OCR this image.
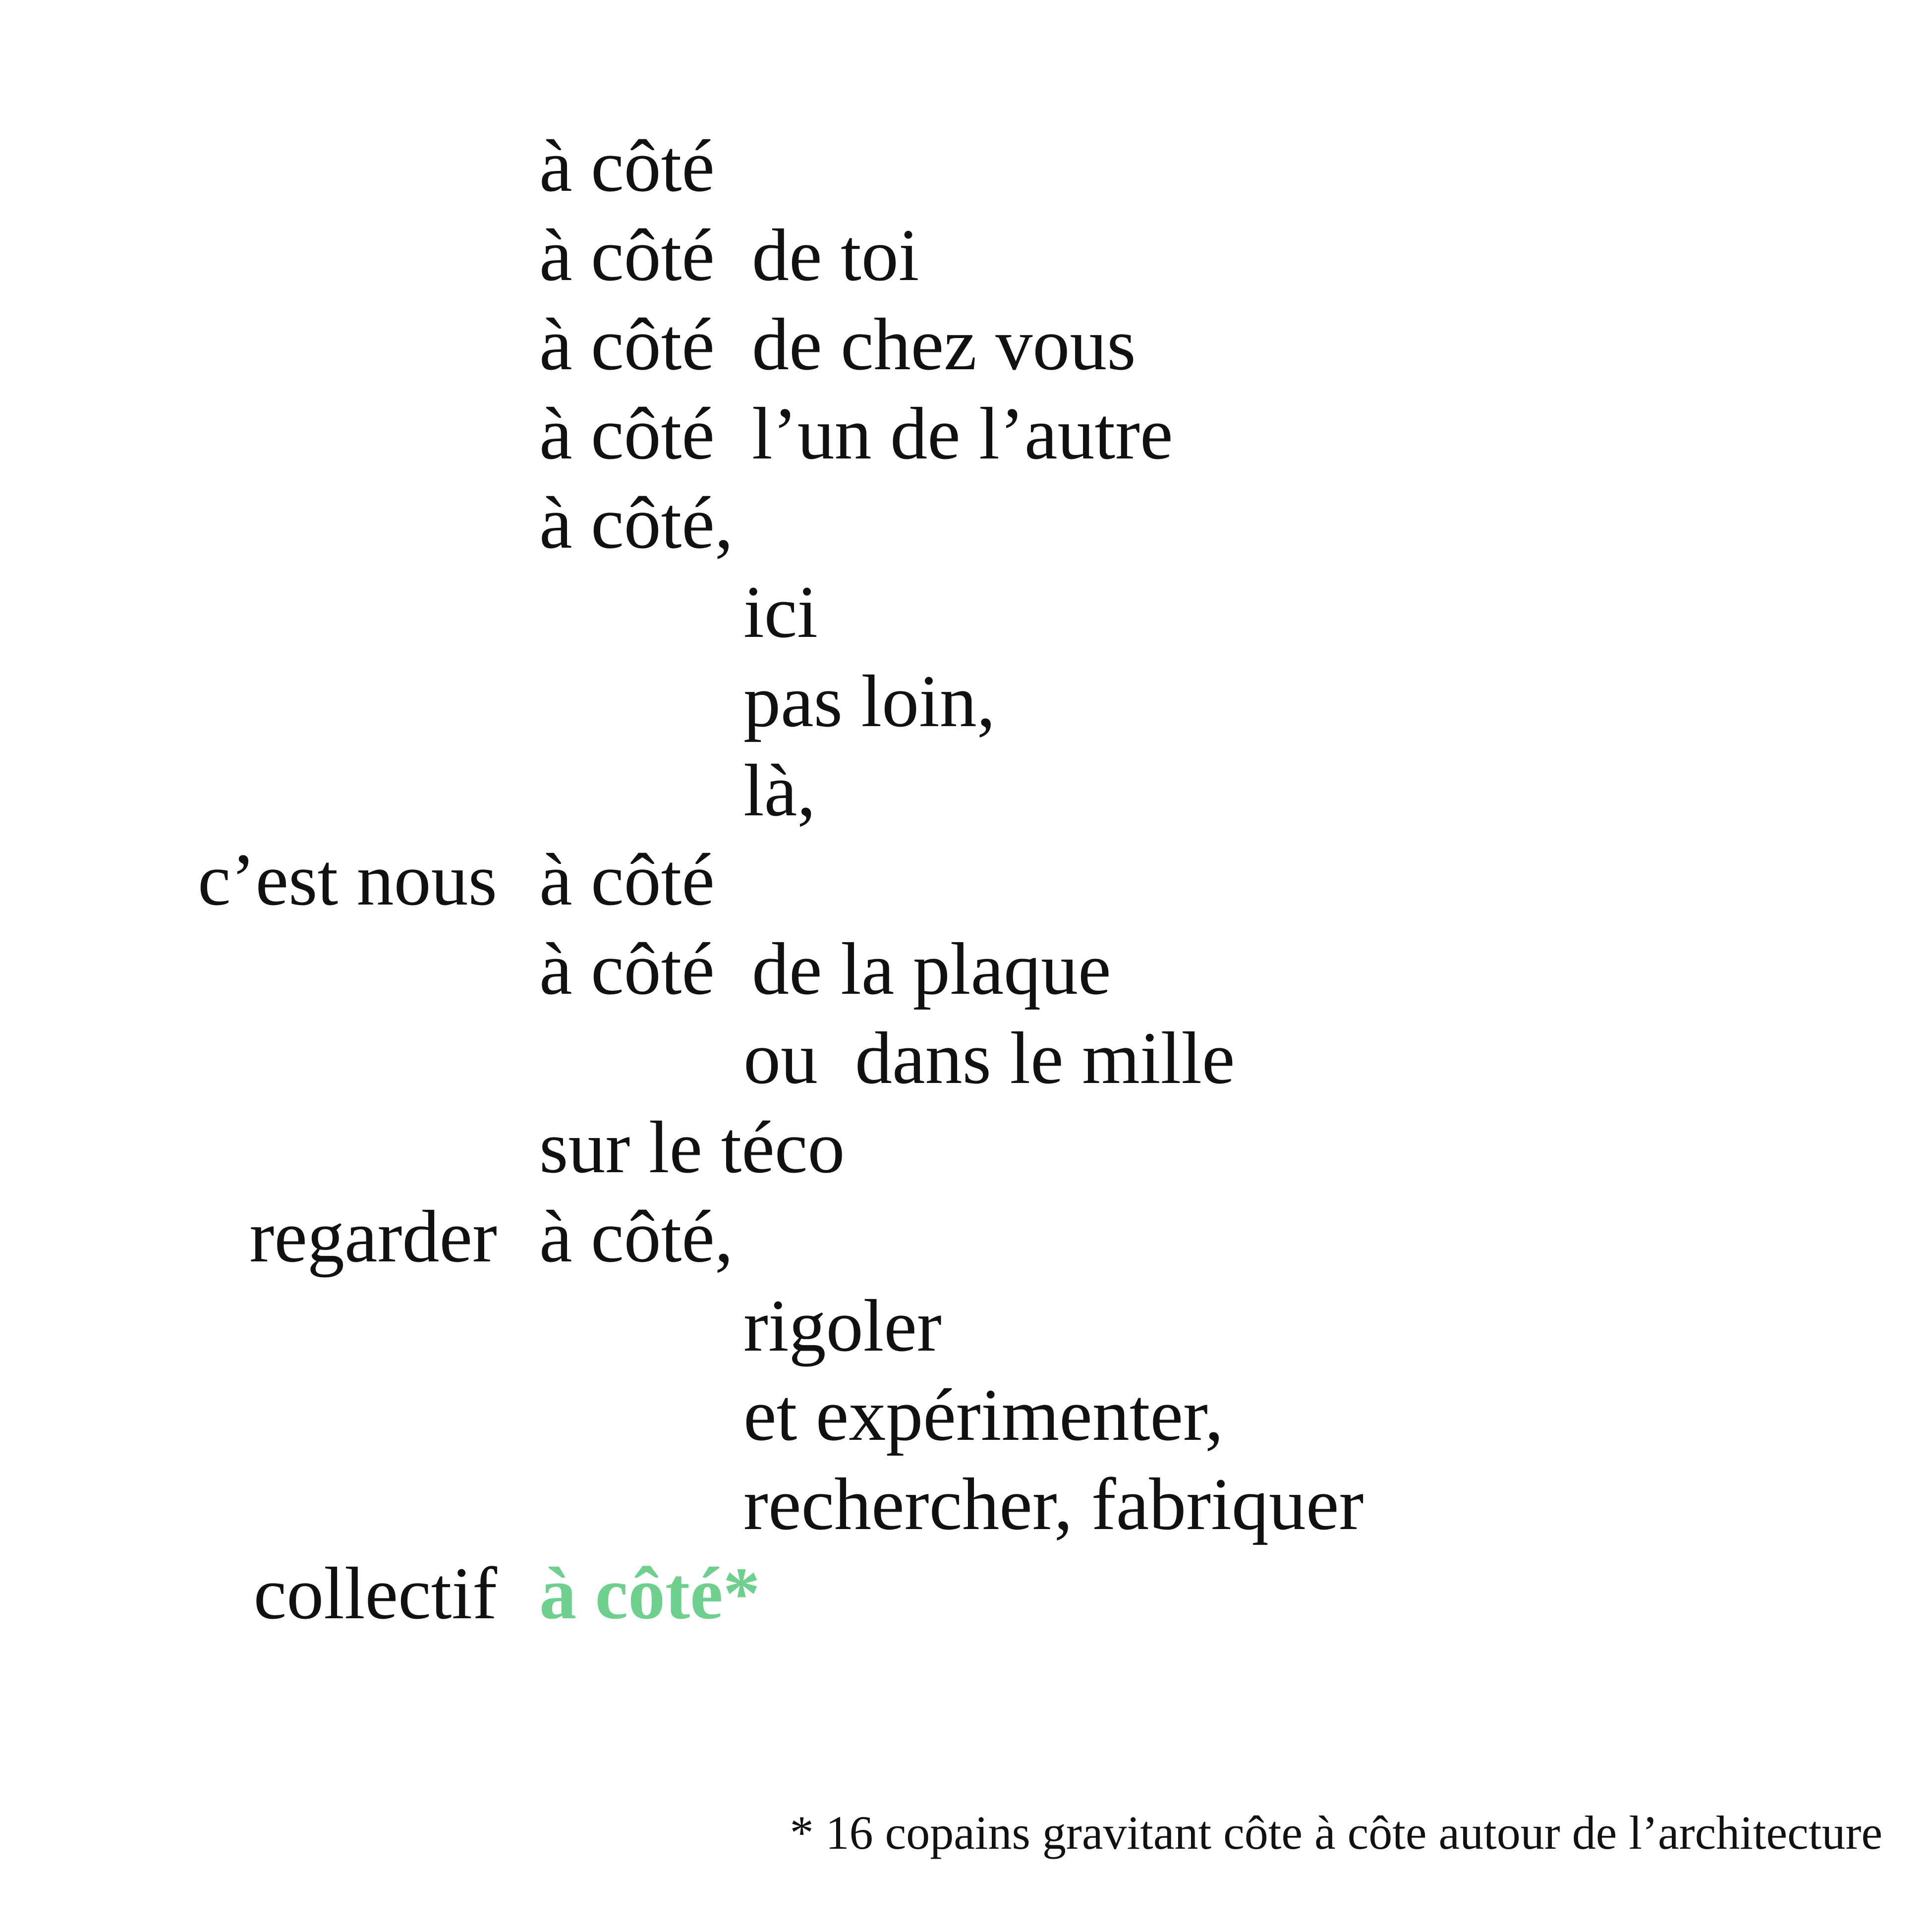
à côté

à côté

de toi

à côté

de chez vous

à côté

l’un de l’autre

à côté,

ici

pas loin,

là,

c’est nous

à côté

à côté

de la plaque

ou

dans le mille

sur le téco

regarder

à côté,

rigoler

et expérimenter,

rechercher, fabriquer

collectif

à côté*

* 16 copains gravitant côte à côte autour de l’architecture
